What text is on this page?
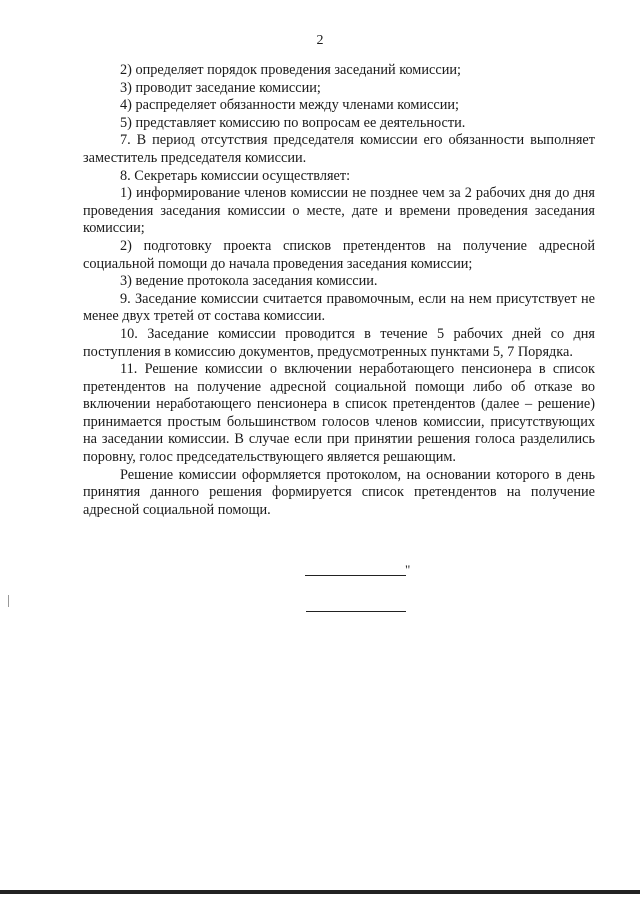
2

2) определяет порядок проведения заседаний комиссии;

3) проводит заседание комиссии;

4) распределяет обязанности между членами комиссии;

5) представляет комиссию по вопросам ее деятельности.

7. В период отсутствия председателя комиссии его обязанности выполняет заместитель председателя комиссии.

8. Секретарь комиссии осуществляет:

1) информирование членов комиссии не позднее чем за 2 рабочих дня до дня проведения заседания комиссии о месте, дате и времени проведения заседания комиссии;

2) подготовку проекта списков претендентов на получение адресной социальной помощи до начала проведения заседания комиссии;

3) ведение протокола заседания комиссии.

9. Заседание комиссии считается правомочным, если на нем присутствует не менее двух третей от состава комиссии.

10. Заседание комиссии проводится в течение 5 рабочих дней со дня поступления в комиссию документов, предусмотренных пунктами 5, 7 Порядка.

11. Решение комиссии о включении неработающего пенсионера в список претендентов на получение адресной социальной помощи либо об отказе во включении неработающего пенсионера в список претендентов (далее – решение) принимается простым большинством голосов членов комиссии, присутствующих на заседании комиссии. В случае если при принятии решения голоса разделились поровну, голос председательствующего является решающим.

Решение комиссии оформляется протоколом, на основании которого в день принятия данного решения формируется список претендентов на получение адресной социальной помощи.

"
